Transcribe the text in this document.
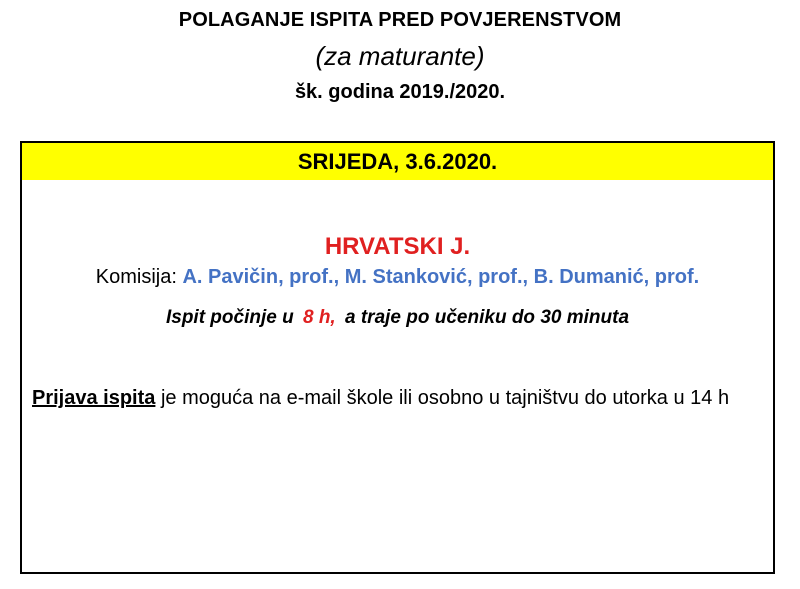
POLAGANJE ISPITA PRED POVJERENSTVOM
(za maturante)
šk. godina 2019./2020.
SRIJEDA, 3.6.2020.
HRVATSKI J.
Komisija: A. Pavičin, prof., M. Stanković, prof., B. Dumanić, prof.
Ispit počinje u 8 h, a traje po učeniku do 30 minuta
Prijava ispita je moguća na e-mail škole ili osobno u tajništvu do utorka u 14 h
